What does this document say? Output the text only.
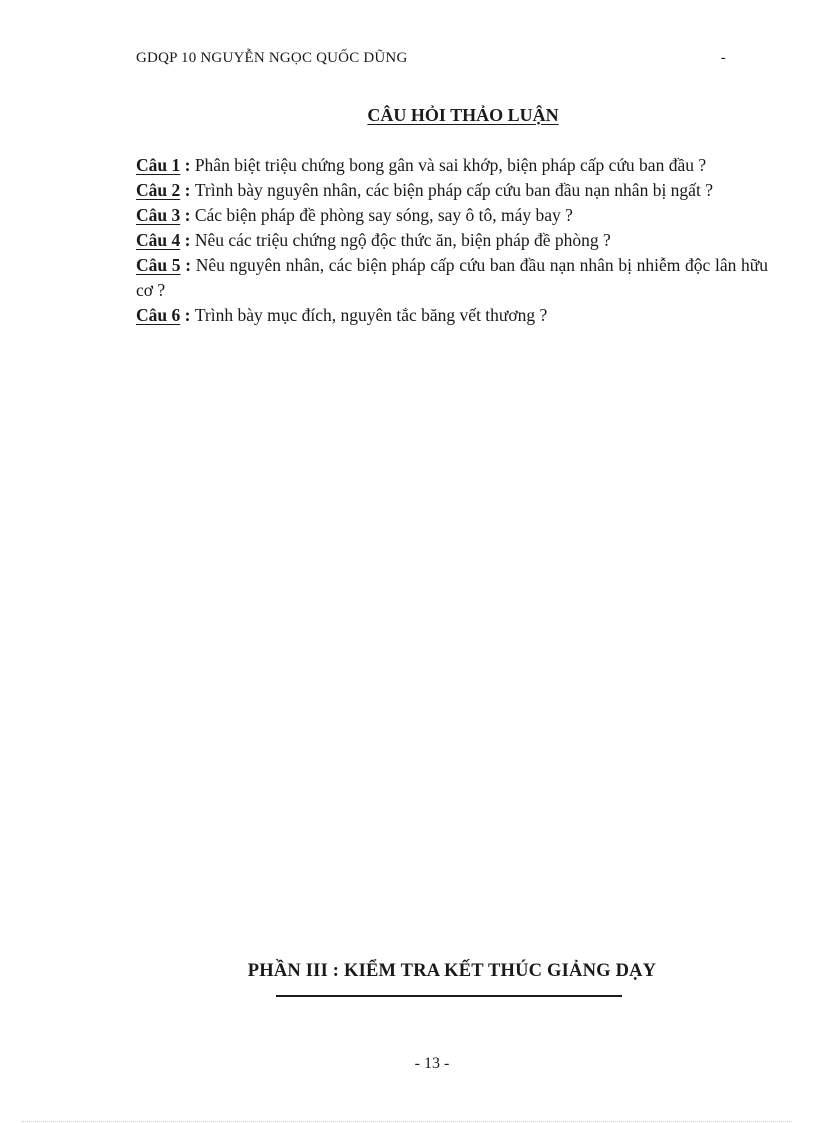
GDQP 10 NGUYỄN NGỌC QUỐC DŨNG	-
CÂU HỎI THẢO LUẬN

Câu 1 : Phân biệt triệu chứng bong gân và sai khớp, biện pháp cấp cứu ban đầu ?

Câu 2 : Trình bày nguyên nhân, các biện pháp cấp cứu ban đầu nạn nhân bị ngất ?

Câu 3 : Các biện pháp đề phòng say sóng, say ô tô, máy bay ?

Câu 4 : Nêu các triệu chứng ngộ độc thức ăn, biện pháp đề phòng ?

Câu 5 : Nêu nguyên nhân, các biện pháp cấp cứu ban đầu nạn nhân bị nhiễm độc lân hữu cơ ?

Câu 6 : Trình bày mục đích, nguyên tắc băng vết thương ?

PHẦN III : KIỂM TRA KẾT THÚC GIẢNG DẠY
- 13 -
